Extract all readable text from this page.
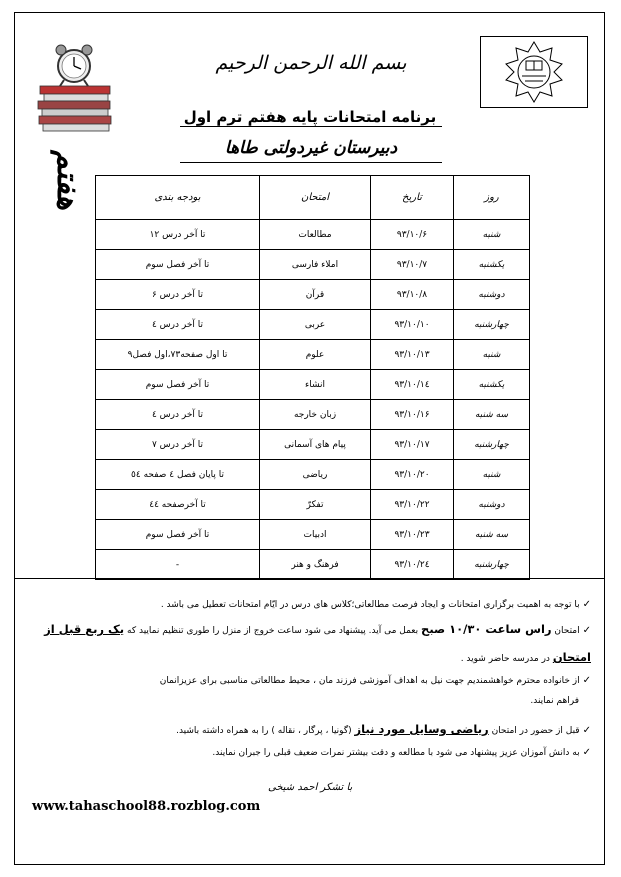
هفتم
بسم الله الرحمن الرحیم
برنامه امتحانات پایه هفتم ترم اول
دبیرستان غیردولتی طاها
روز	تاریخ	امتحان	بودجه بندی
شنبه	۹۳/۱۰/۶	مطالعات	تا آخر درس ۱۲
یکشنبه	۹۳/۱۰/۷	املاء فارسی	تا آخر فصل سوم
دوشنبه	۹۳/۱۰/۸	قرآن	تا آخر درس ۶
چهارشنبه	۹۳/۱۰/۱۰	عربی	تا آخر درس ٤
شنبه	۹۳/۱۰/۱۳	علوم	تا اول صفحه۷۳،اول فصل۹
یکشنبه	۹۳/۱۰/۱٤	انشاء	تا آخر فصل سوم
سه شنبه	۹۳/۱۰/۱۶	زبان خارجه	تا آخر درس ٤
چهارشنبه	۹۳/۱۰/۱۷	پیام های آسمانی	تا آخر درس ۷
شنبه	۹۳/۱۰/۲۰	ریاضی	تا پایان فصل ٤ صفحه ٥٤
دوشنبه	۹۳/۱۰/۲۲	تفکرّ	تا آخرصفحه ٤٤
سه شنبه	۹۳/۱۰/۲۳	ادبیات	تا آخر فصل سوم
چهارشنبه	۹۳/۱۰/۲٤	فرهنگ و هنر	-
✓با توجه به اهمیت برگزاری امتحانات و ایجاد فرصت مطالعاتی؛کلاس های درس در ایّام امتحانات تعطیل می باشد .
✓امتحان راس ساعت ۱۰/۳۰ صبح بعمل می آید. پیشنهاد می شود ساعت خروج از منزل را طوری تنظیم نمایید که یک ربع قبل از
امتحان در مدرسه حاضر شوید .
✓از خانواده محترم خواهشمندیم جهت نیل به اهداف آموزشی فرزند مان ، محیط مطالعاتی مناسبی برای عزیزانمان
فراهم نمایند.
✓قبل از حضور در امتحان ریاضی وسایل مورد نیاز (گونیا ، پرگار ، نقاله ) را به همراه داشته باشید.
✓به دانش آموزان عزیز پیشنهاد می شود با مطالعه و دقت بیشتر نمرات ضعیف قبلی را جبران نمایند.
با تشکر احمد شیخی
www.tahaschool88.rozblog.com
